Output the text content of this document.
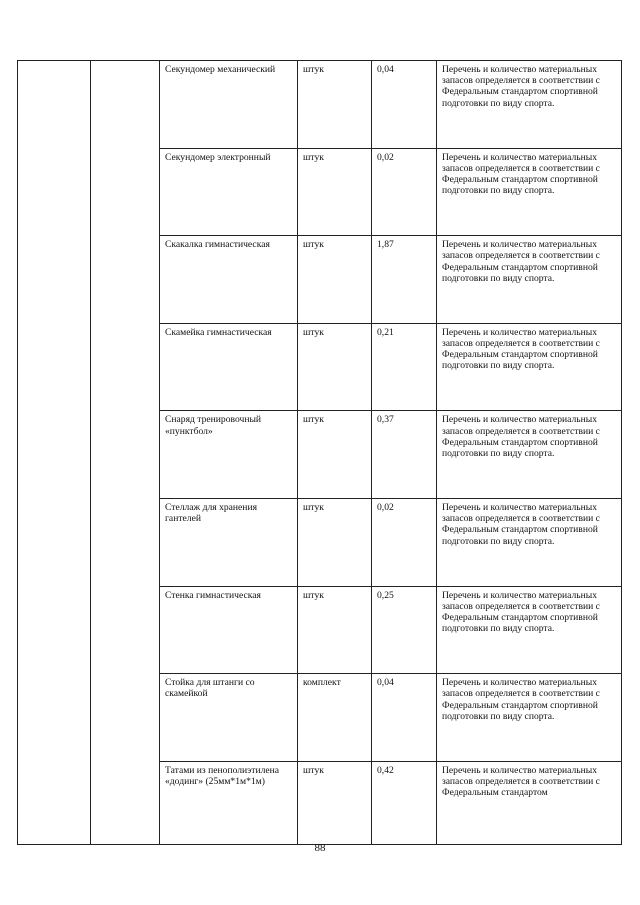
		Секундомер механический	штук	0,04	Перечень и количество материальных запасов определяется в соответствии с Федеральным стандартом спортивной подготовки по виду спорта.
		Секундомер электронный	штук	0,02	Перечень и количество материальных запасов определяется в соответствии с Федеральным стандартом спортивной подготовки по виду спорта.
		Скакалка гимнастическая	штук	1,87	Перечень и количество материальных запасов определяется в соответствии с Федеральным стандартом спортивной подготовки по виду спорта.
		Скамейка гимнастическая	штук	0,21	Перечень и количество материальных запасов определяется в соответствии с Федеральным стандартом спортивной подготовки по виду спорта.
		Снаряд тренировочный «пунктбол»	штук	0,37	Перечень и количество материальных запасов определяется в соответствии с Федеральным стандартом спортивной подготовки по виду спорта.
		Стеллаж для хранения гантелей	штук	0,02	Перечень и количество материальных запасов определяется в соответствии с Федеральным стандартом спортивной подготовки по виду спорта.
		Стенка гимнастическая	штук	0,25	Перечень и количество материальных запасов определяется в соответствии с Федеральным стандартом спортивной подготовки по виду спорта.
		Стойка для штанги со скамейкой	комплект	0,04	Перечень и количество материальных запасов определяется в соответствии с Федеральным стандартом спортивной подготовки по виду спорта.
		Татами из пенополиэтилена «додинг» (25мм*1м*1м)	штук	0,42	Перечень и количество материальных запасов определяется в соответствии с Федеральным стандартом
88
